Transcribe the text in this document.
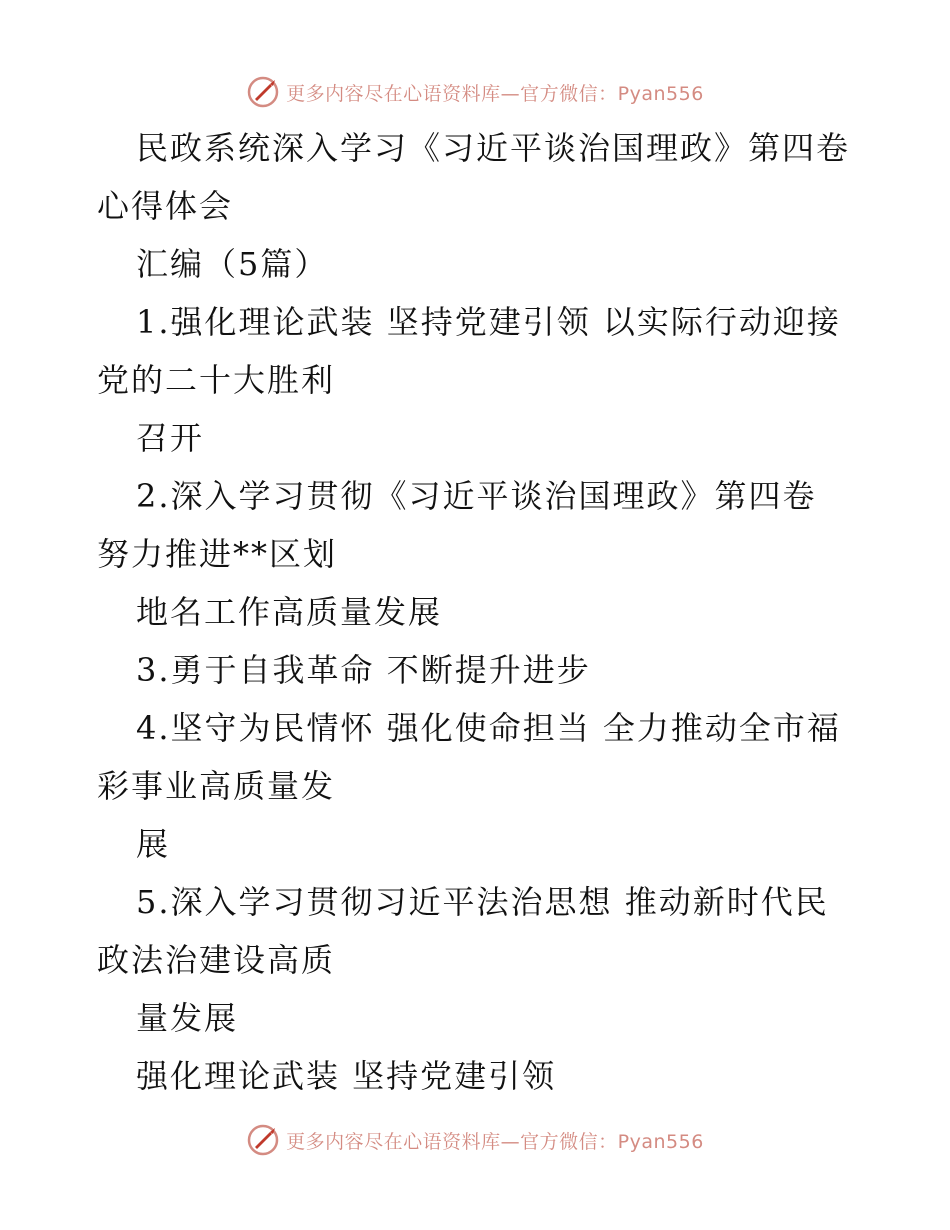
更多内容尽在心语资料库—官方微信：Pyan556
民政系统深入学习《习近平谈治国理政》第四卷
心得体会
汇编（5篇）
1.强化理论武装 坚持党建引领 以实际行动迎接
党的二十大胜利
召开
2.深入学习贯彻《习近平谈治国理政》第四卷
努力推进**区划
地名工作高质量发展
3.勇于自我革命 不断提升进步
4.坚守为民情怀 强化使命担当 全力推动全市福
彩事业高质量发
展
5.深入学习贯彻习近平法治思想 推动新时代民
政法治建设高质
量发展
强化理论武装 坚持党建引领
更多内容尽在心语资料库—官方微信：Pyan556
